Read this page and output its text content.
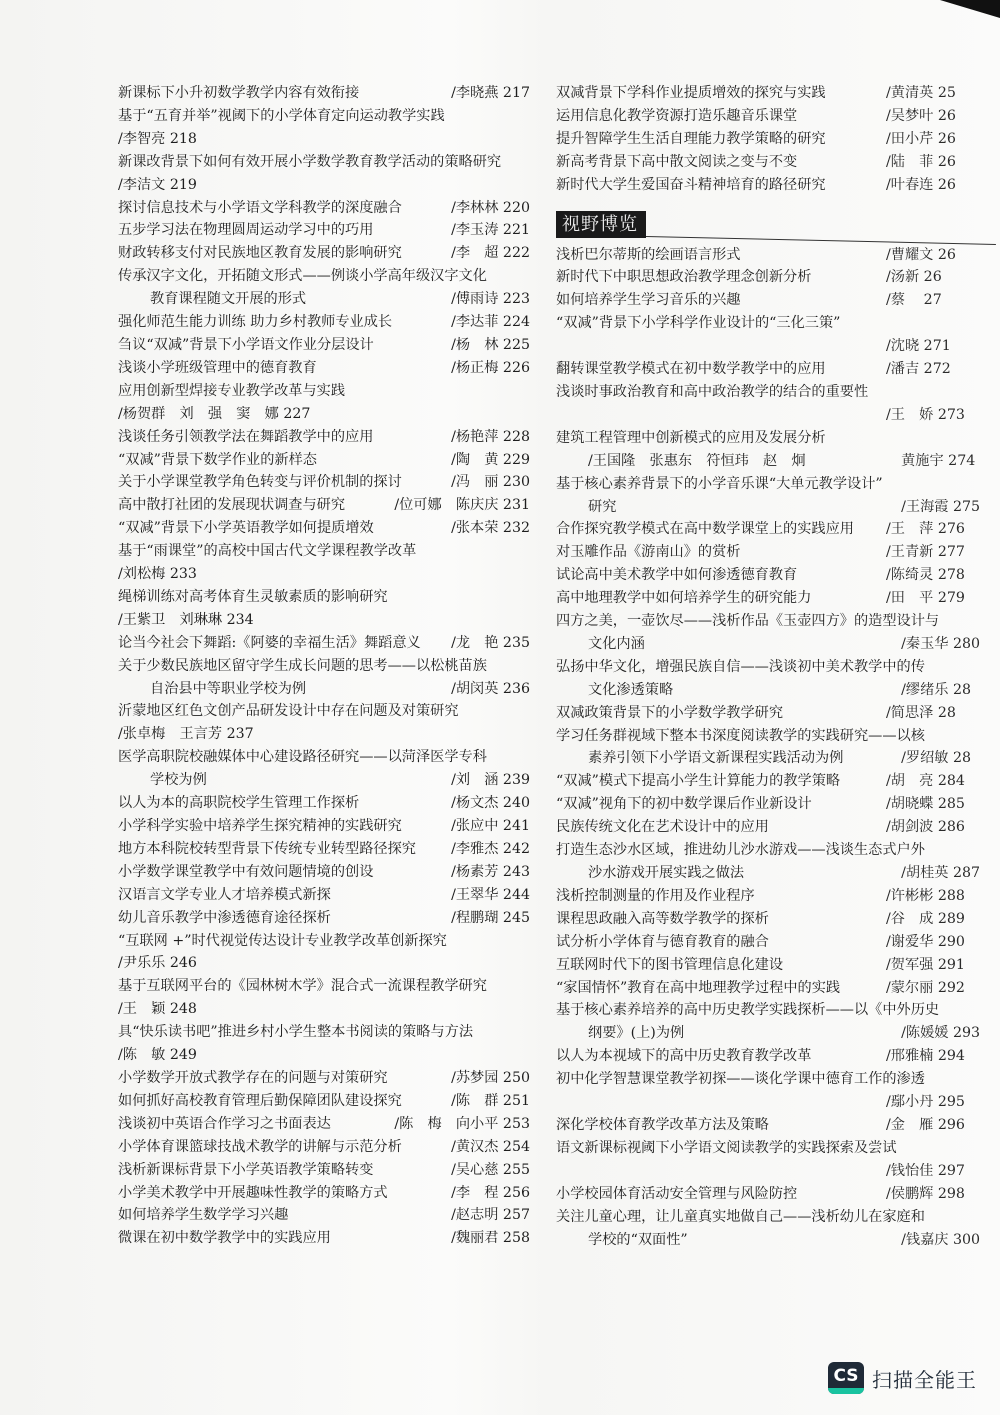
新课标下小升初数学教学内容有效衔接	/李晓燕 217
基于“五育并举”视阈下的小学体育定向运动教学实践
/李智亮 218
新课改背景下如何有效开展小学数学教育教学活动的策略研究
/李洁文 219
探讨信息技术与小学语文学科教学的深度融合	/李林林 220
五步学习法在物理圆周运动学习中的巧用	/李玉涛 221
财政转移支付对民族地区教育发展的影响研究	/李　超 222
传承汉字文化，开拓随文形式——例谈小学高年级汉字文化
教育课程随文开展的形式	/傅雨诗 223
强化师范生能力训练 助力乡村教师专业成长	/李达菲 224
刍议“双减”背景下小学语文作业分层设计	/杨　林 225
浅谈小学班级管理中的德育教育	/杨正梅 226
应用创新型焊接专业教学改革与实践
/杨贺群　刘　强　窦　娜 227
浅谈任务引领教学法在舞蹈教学中的应用	/杨艳萍 228
“双减”背景下数学作业的新样态	/陶　黄 229
关于小学课堂教学角色转变与评价机制的探讨	/冯　丽 230
高中散打社团的发展现状调查与研究	/位可娜　陈庆庆 231
“双减”背景下小学英语教学如何提质增效	/张本荣 232
基于“雨课堂”的高校中国古代文学课程教学改革
/刘松梅 233
绳梯训练对高考体育生灵敏素质的影响研究
/王紫卫　刘琳琳 234
论当今社会下舞蹈:《阿婆的幸福生活》舞蹈意义 /龙　艳 235
关于少数民族地区留守学生成长问题的思考——以松桃苗族
自治县中等职业学校为例	/胡闵英 236
沂蒙地区红色文创产品研发设计中存在问题及对策研究
/张卓梅　王言芳 237
医学高职院校融媒体中心建设路径研究——以菏泽医学专科
学校为例	/刘　涵 239
以人为本的高职院校学生管理工作探析	/杨文杰 240
小学科学实验中培养学生探究精神的实践研究	/张应中 241
地方本科院校转型背景下传统专业转型路径探究 /李雅杰 242
小学数学课堂教学中有效问题情境的创设	/杨素芳 243
汉语言文学专业人才培养模式新探	/王翠华 244
幼儿音乐教学中渗透德育途径探析	/程鹏瑚 245
“互联网 +”时代视觉传达设计专业教学改革创新探究
/尹乐乐 246
基于互联网平台的《园林树木学》混合式一流课程教学研究
/王　颖 248
具“快乐读书吧”推进乡村小学生整本书阅读的策略与方法
/陈　敏 249
小学数学开放式教学存在的问题与对策研究	/苏梦园 250
如何抓好高校教育管理后勤保障团队建设探究	/陈　群 251
浅谈初中英语合作学习之书面表达	/陈　梅　向小平 253
小学体育课篮球技战术教学的讲解与示范分析	/黄汉杰 254
浅析新课标背景下小学英语教学策略转变	/吴心慈 255
小学美术教学中开展趣味性教学的策略方式	/李　程 256
如何培养学生数学学习兴趣	/赵志明 257
微课在初中数学教学中的实践应用	/魏丽君 258
双减背景下学科作业提质增效的探究与实践	/黄清英 25
运用信息化教学资源打造乐趣音乐课堂	/吴梦叶 26
提升智障学生生活自理能力教学策略的研究	/田小芹 26
新高考背景下高中散文阅读之变与不变	/陆　菲 26
新时代大学生爱国奋斗精神培育的路径研究	/叶春连 26
视野博览
浅析巴尔蒂斯的绘画语言形式	/曹耀文 26
新时代下中职思想政治教学理念创新分析	/汤新 26
如何培养学生学习音乐的兴趣	/蔡　 27
“双减”背景下小学科学作业设计的“三化三策”
/沈晓 271
翻转课堂教学模式在初中数学教学中的应用	/潘吉 272
浅谈时事政治教育和高中政治教学的结合的重要性
/王　娇 273
建筑工程管理中创新模式的应用及发展分析
/王国隆　张惠东　符恒玮　赵　炯	黄施宇 274
基于核心素养背景下的小学音乐课“大单元教学设计”
研究	/王海霞 275
合作探究教学模式在高中数学课堂上的实践应用	/王　萍 276
对玉雕作品《游南山》的赏析	/王青新 277
试论高中美术教学中如何渗透德育教育	/陈绮灵 278
高中地理教学中如何培养学生的研究能力	/田　平 279
四方之美，一壶饮尽——浅析作品《玉壶四方》的造型设计与
文化内涵	/秦玉华 280
弘扬中华文化，增强民族自信——浅谈初中美术教学中的传
文化渗透策略	/缪绪乐 28
双减政策背景下的小学数学教学研究	/简思泽 28
学习任务群视域下整本书深度阅读教学的实践研究——以核
素养引领下小学语文新课程实践活动为例	/罗绍敏 28
“双减”模式下提高小学生计算能力的教学策略	/胡　亮 284
“双减”视角下的初中数学课后作业新设计	/胡晓蝶 285
民族传统文化在艺术设计中的应用	/胡剑波 286
打造生态沙水区域，推进幼儿沙水游戏——浅谈生态式户外
沙水游戏开展实践之做法	/胡桂英 287
浅析控制测量的作用及作业程序	/许彬彬 288
课程思政融入高等数学教学的探析	/谷　成 289
试分析小学体育与德育教育的融合	/谢爱华 290
互联网时代下的图书管理信息化建设	/贺军强 291
“家国情怀”教育在高中地理教学过程中的实践	/蒙尔丽 292
基于核心素养培养的高中历史教学实践探析——以《中外历史
纲要》(上)为例	/陈媛媛 293
以人为本视域下的高中历史教育教学改革	/邢雅楠 294
初中化学智慧课堂教学初探——谈化学课中德育工作的渗透
/鄢小丹 295
深化学校体育教学改革方法及策略	/金　雁 296
语文新课标视阈下小学语文阅读教学的实践探索及尝试
/钱怡佳 297
小学校园体育活动安全管理与风险防控	/侯鹏辉 298
关注儿童心理，让儿童真实地做自己——浅析幼儿在家庭和
学校的“双面性”	/钱嘉庆 300
CS 扫描全能王
